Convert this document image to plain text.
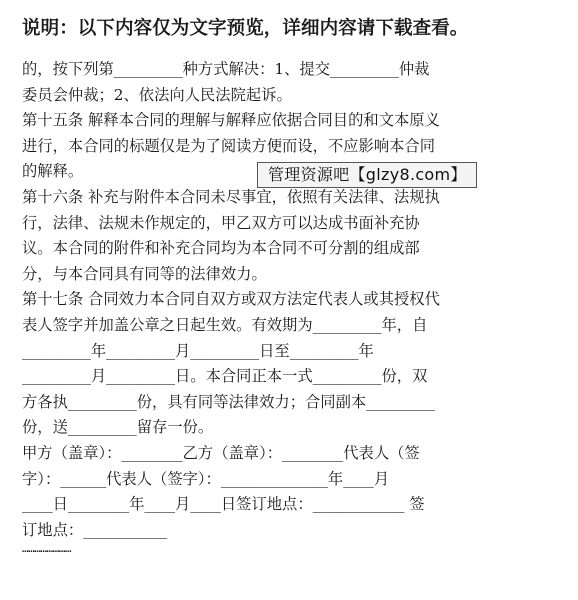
说明：以下内容仅为文字预览，详细内容请下载查看。
的，按下列第_________种方式解决：1、提交_________仲裁
委员会仲裁；2、依法向人民法院起诉。
第十五条 解释本合同的理解与解释应依据合同目的和文本原义
进行，本合同的标题仅是为了阅读方便而设，不应影响本合同
的解释。
第十六条 补充与附件本合同未尽事宜，依照有关法律、法规执
行，法律、法规未作规定的，甲乙双方可以达成书面补充协
议。本合同的附件和补充合同均为本合同不可分割的组成部
分，与本合同具有同等的法律效力。
第十七条 合同效力本合同自双方或双方法定代表人或其授权代
表人签字并加盖公章之日起生效。有效期为_________年，自
_________年_________月_________日至_________年
_________月_________日。本合同正本一式_________份，双
方各执_________份，具有同等法律效力；合同副本_________
份，送_________留存一份。
甲方（盖章）：________乙方（盖章）：________代表人（签
字）：______代表人（签字）：______________年____月
____日________年____月____日签订地点：____________ 签
订地点：___________
……………………
管理资源吧【glzy8.com】
